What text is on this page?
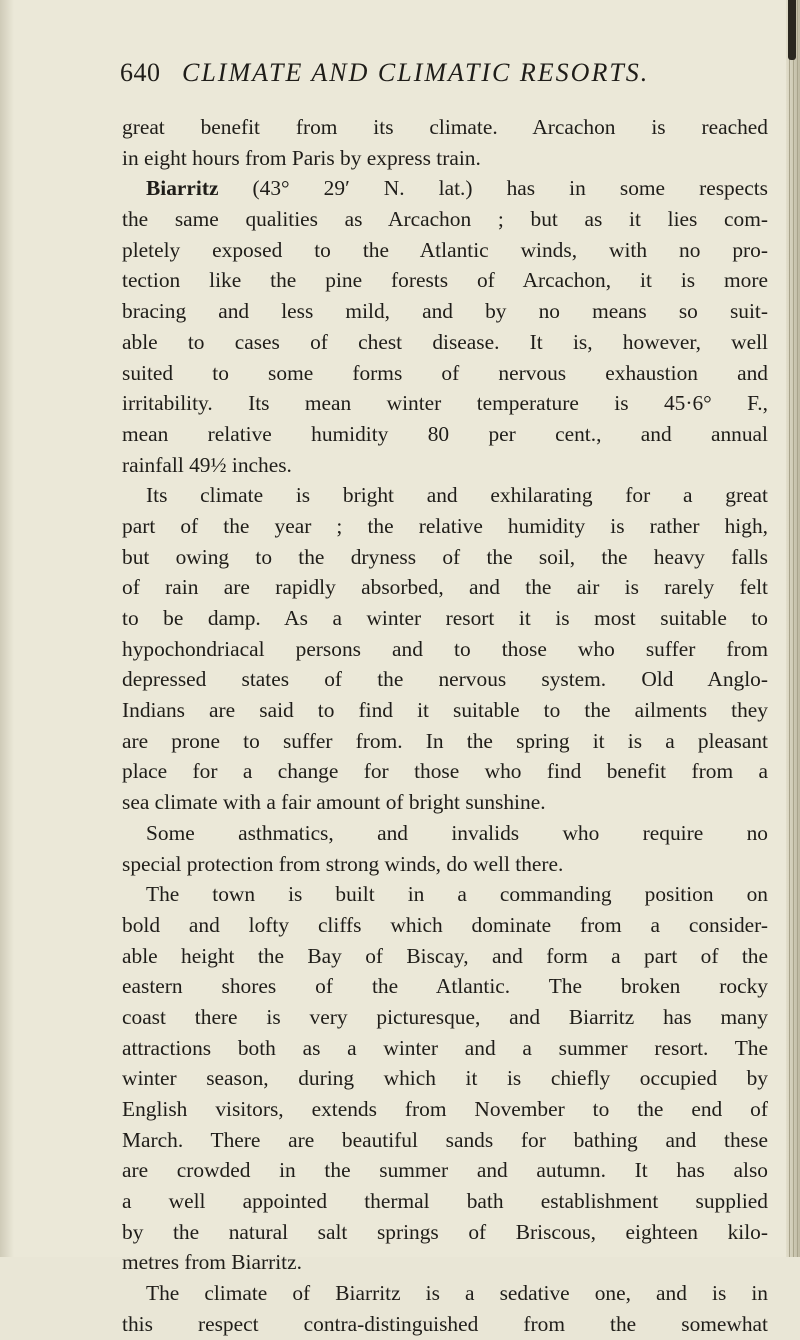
640 CLIMATE AND CLIMATIC RESORTS.
great benefit from its climate. Arcachon is reached
in eight hours from Paris by express train.
Biarritz (43° 29′ N. lat.) has in some respects
the same qualities as Arcachon ; but as it lies com-
pletely exposed to the Atlantic winds, with no pro-
tection like the pine forests of Arcachon, it is more
bracing and less mild, and by no means so suit-
able to cases of chest disease. It is, however, well
suited to some forms of nervous exhaustion and
irritability. Its mean winter temperature is 45·6° F.,
mean relative humidity 80 per cent., and annual
rainfall 49½ inches.
Its climate is bright and exhilarating for a great
part of the year ; the relative humidity is rather high,
but owing to the dryness of the soil, the heavy falls
of rain are rapidly absorbed, and the air is rarely felt
to be damp. As a winter resort it is most suitable to
hypochondriacal persons and to those who suffer from
depressed states of the nervous system. Old Anglo-
Indians are said to find it suitable to the ailments they
are prone to suffer from. In the spring it is a pleasant
place for a change for those who find benefit from a
sea climate with a fair amount of bright sunshine.
Some asthmatics, and invalids who require no
special protection from strong winds, do well there.
The town is built in a commanding position on
bold and lofty cliffs which dominate from a consider-
able height the Bay of Biscay, and form a part of the
eastern shores of the Atlantic. The broken rocky
coast there is very picturesque, and Biarritz has many
attractions both as a winter and a summer resort. The
winter season, during which it is chiefly occupied by
English visitors, extends from November to the end of
March. There are beautiful sands for bathing and these
are crowded in the summer and autumn. It has also
a well appointed thermal bath establishment supplied
by the natural salt springs of Briscous, eighteen kilo-
metres from Biarritz.
The climate of Biarritz is a sedative one, and is in
this respect contra-distinguished from the somewhat
